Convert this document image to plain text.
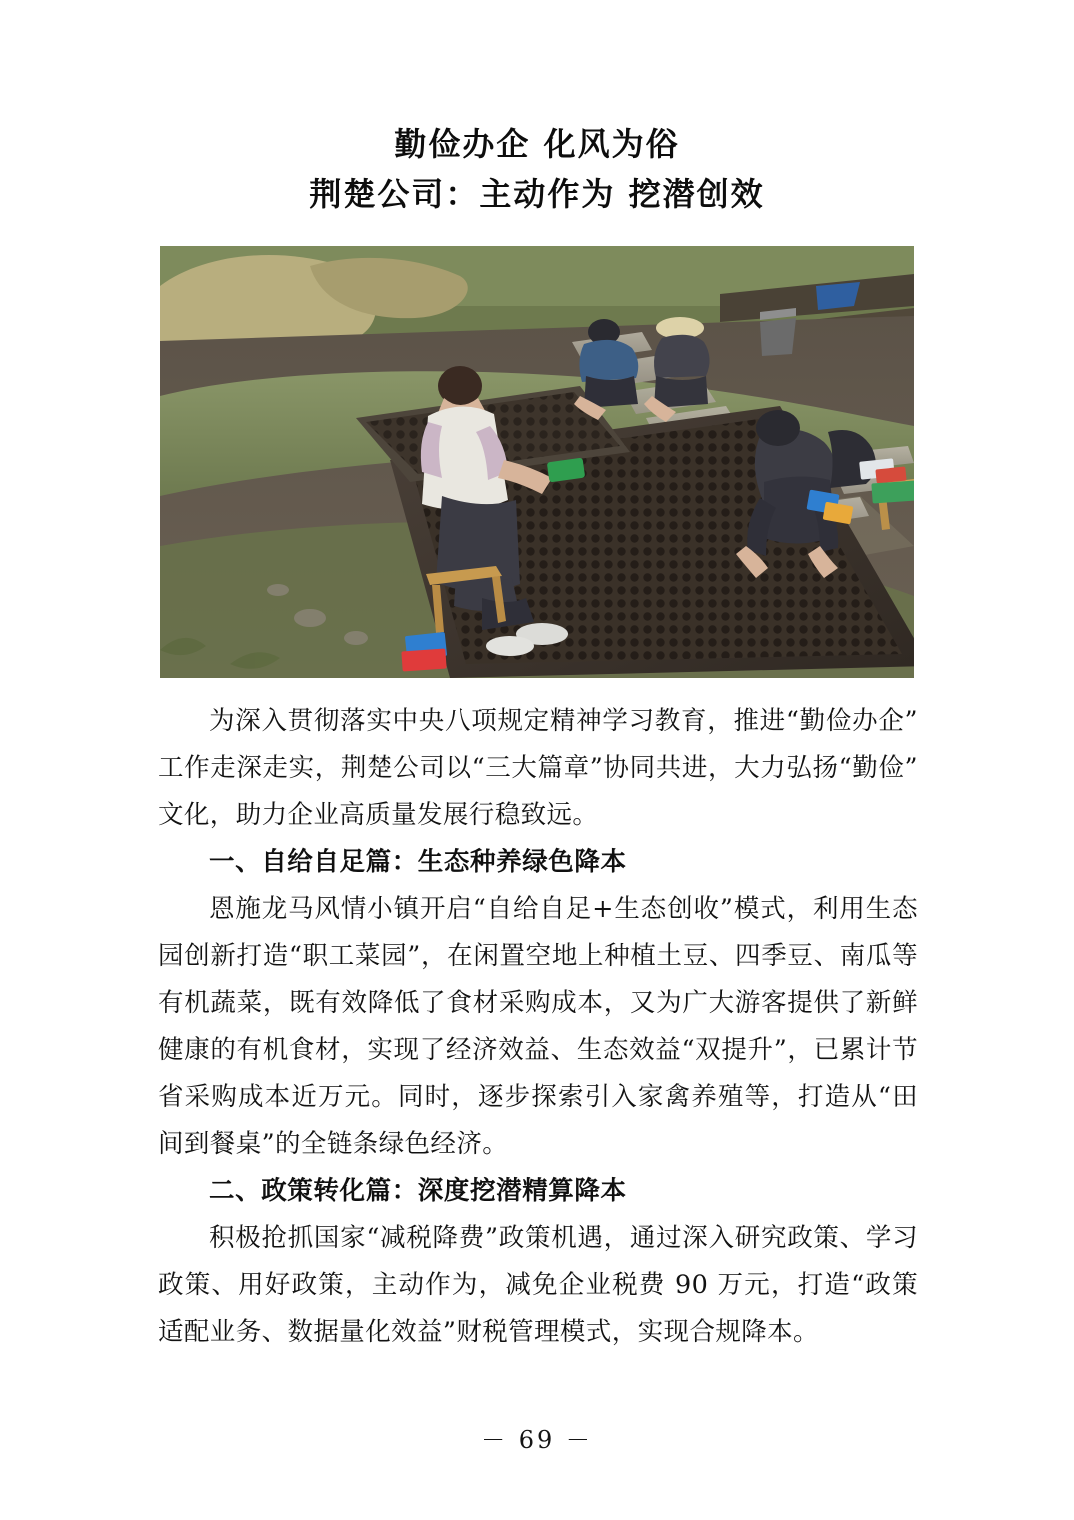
勤俭办企 化风为俗
荆楚公司：主动作为 挖潜创效

为深入贯彻落实中央八项规定精神学习教育，推进“勤俭办企”工作走深走实，荆楚公司以“三大篇章”协同共进，大力弘扬“勤俭”文化，助力企业高质量发展行稳致远。

一、自给自足篇：生态种养绿色降本

恩施龙马风情小镇开启“自给自足+生态创收”模式，利用生态园创新打造“职工菜园”，在闲置空地上种植土豆、四季豆、南瓜等有机蔬菜，既有效降低了食材采购成本，又为广大游客提供了新鲜健康的有机食材，实现了经济效益、生态效益“双提升”，已累计节省采购成本近万元。同时，逐步探索引入家禽养殖等，打造从“田间到餐桌”的全链条绿色经济。

二、政策转化篇：深度挖潜精算降本

积极抢抓国家“减税降费”政策机遇，通过深入研究政策、学习政策、用好政策，主动作为，减免企业税费 90 万元，打造“政策适配业务、数据量化效益”财税管理模式，实现合规降本。

－ 69 －
